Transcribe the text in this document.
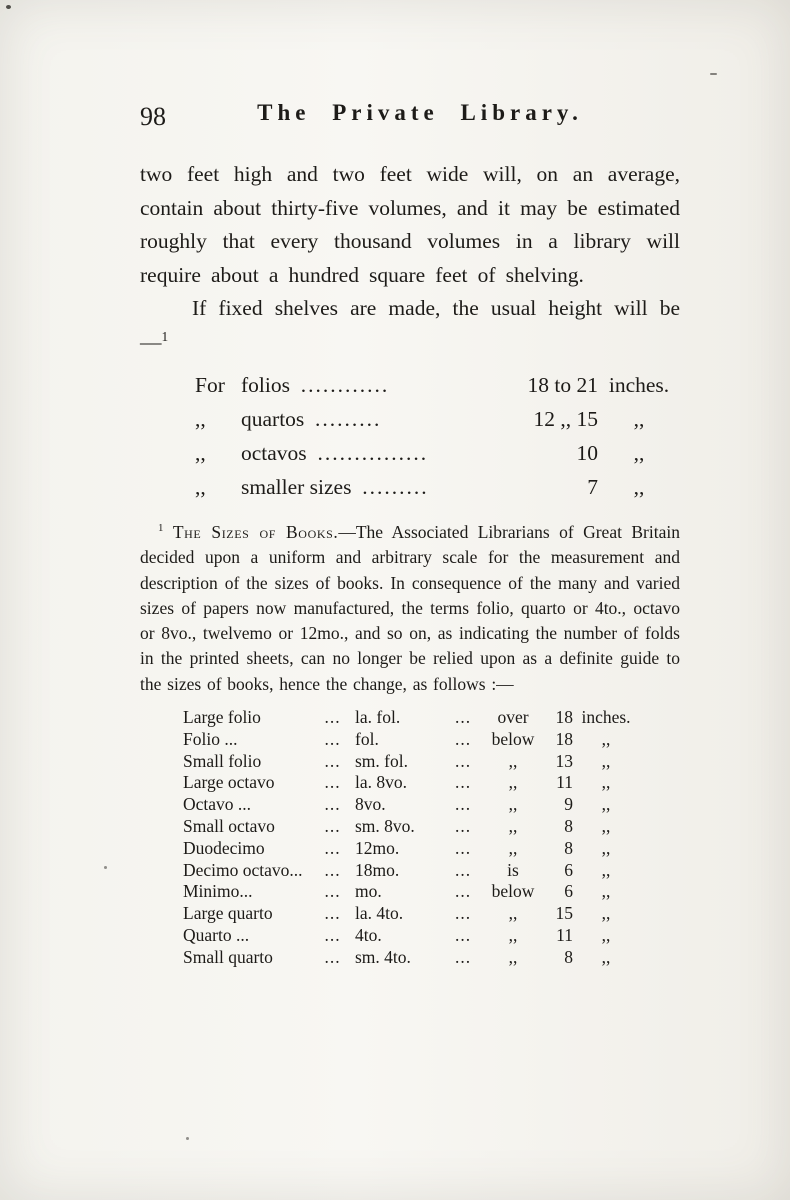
98	The Private Library.

two feet high and two feet wide will, on an average, contain about thirty-five volumes, and it may be estimated roughly that every thousand volumes in a library will require about a hundred square feet of shelving.

If fixed shelves are made, the usual height will be—$^1$

For folios ............	18 to 21 inches.
,,	quartos .........	12 ,, 15	,,
,,	octavos ...............	10	,,
,,	smaller sizes .........	7	,,

$^1$ The Sizes of Books.—The Associated Librarians of Great Britain decided upon a uniform and arbitrary scale for the measurement and description of the sizes of books. In consequence of the many and varied sizes of papers now manufactured, the terms folio, quarto or 4to., octavo or 8vo., twelvemo or 12mo., and so on, as indicating the number of folds in the printed sheets, can no longer be relied upon as a definite guide to the sizes of books, hence the change, as follows :—

Large folio	... la. fol.	...	over	18 inches.
Folio ...	... fol.	...	below	18	,,
Small folio	... sm. fol.	...	,,	13	,,
Large octavo	... la. 8vo.	...	,,	11	,,
Octavo ...	... 8vo.	...	,,	9	,,
Small octavo	... sm. 8vo.	...	,,	8	,,
Duodecimo	... 12mo.	...	,,	8	,,
Decimo octavo...	... 18mo.	...	is	6	,,
Minimo...	... mo.	...	below	6	,,
Large quarto	... la. 4to.	...	,,	15	,,
Quarto ...	... 4to.	...	,,	11	,,
Small quarto	... sm. 4to.	...	,,	8	,,
